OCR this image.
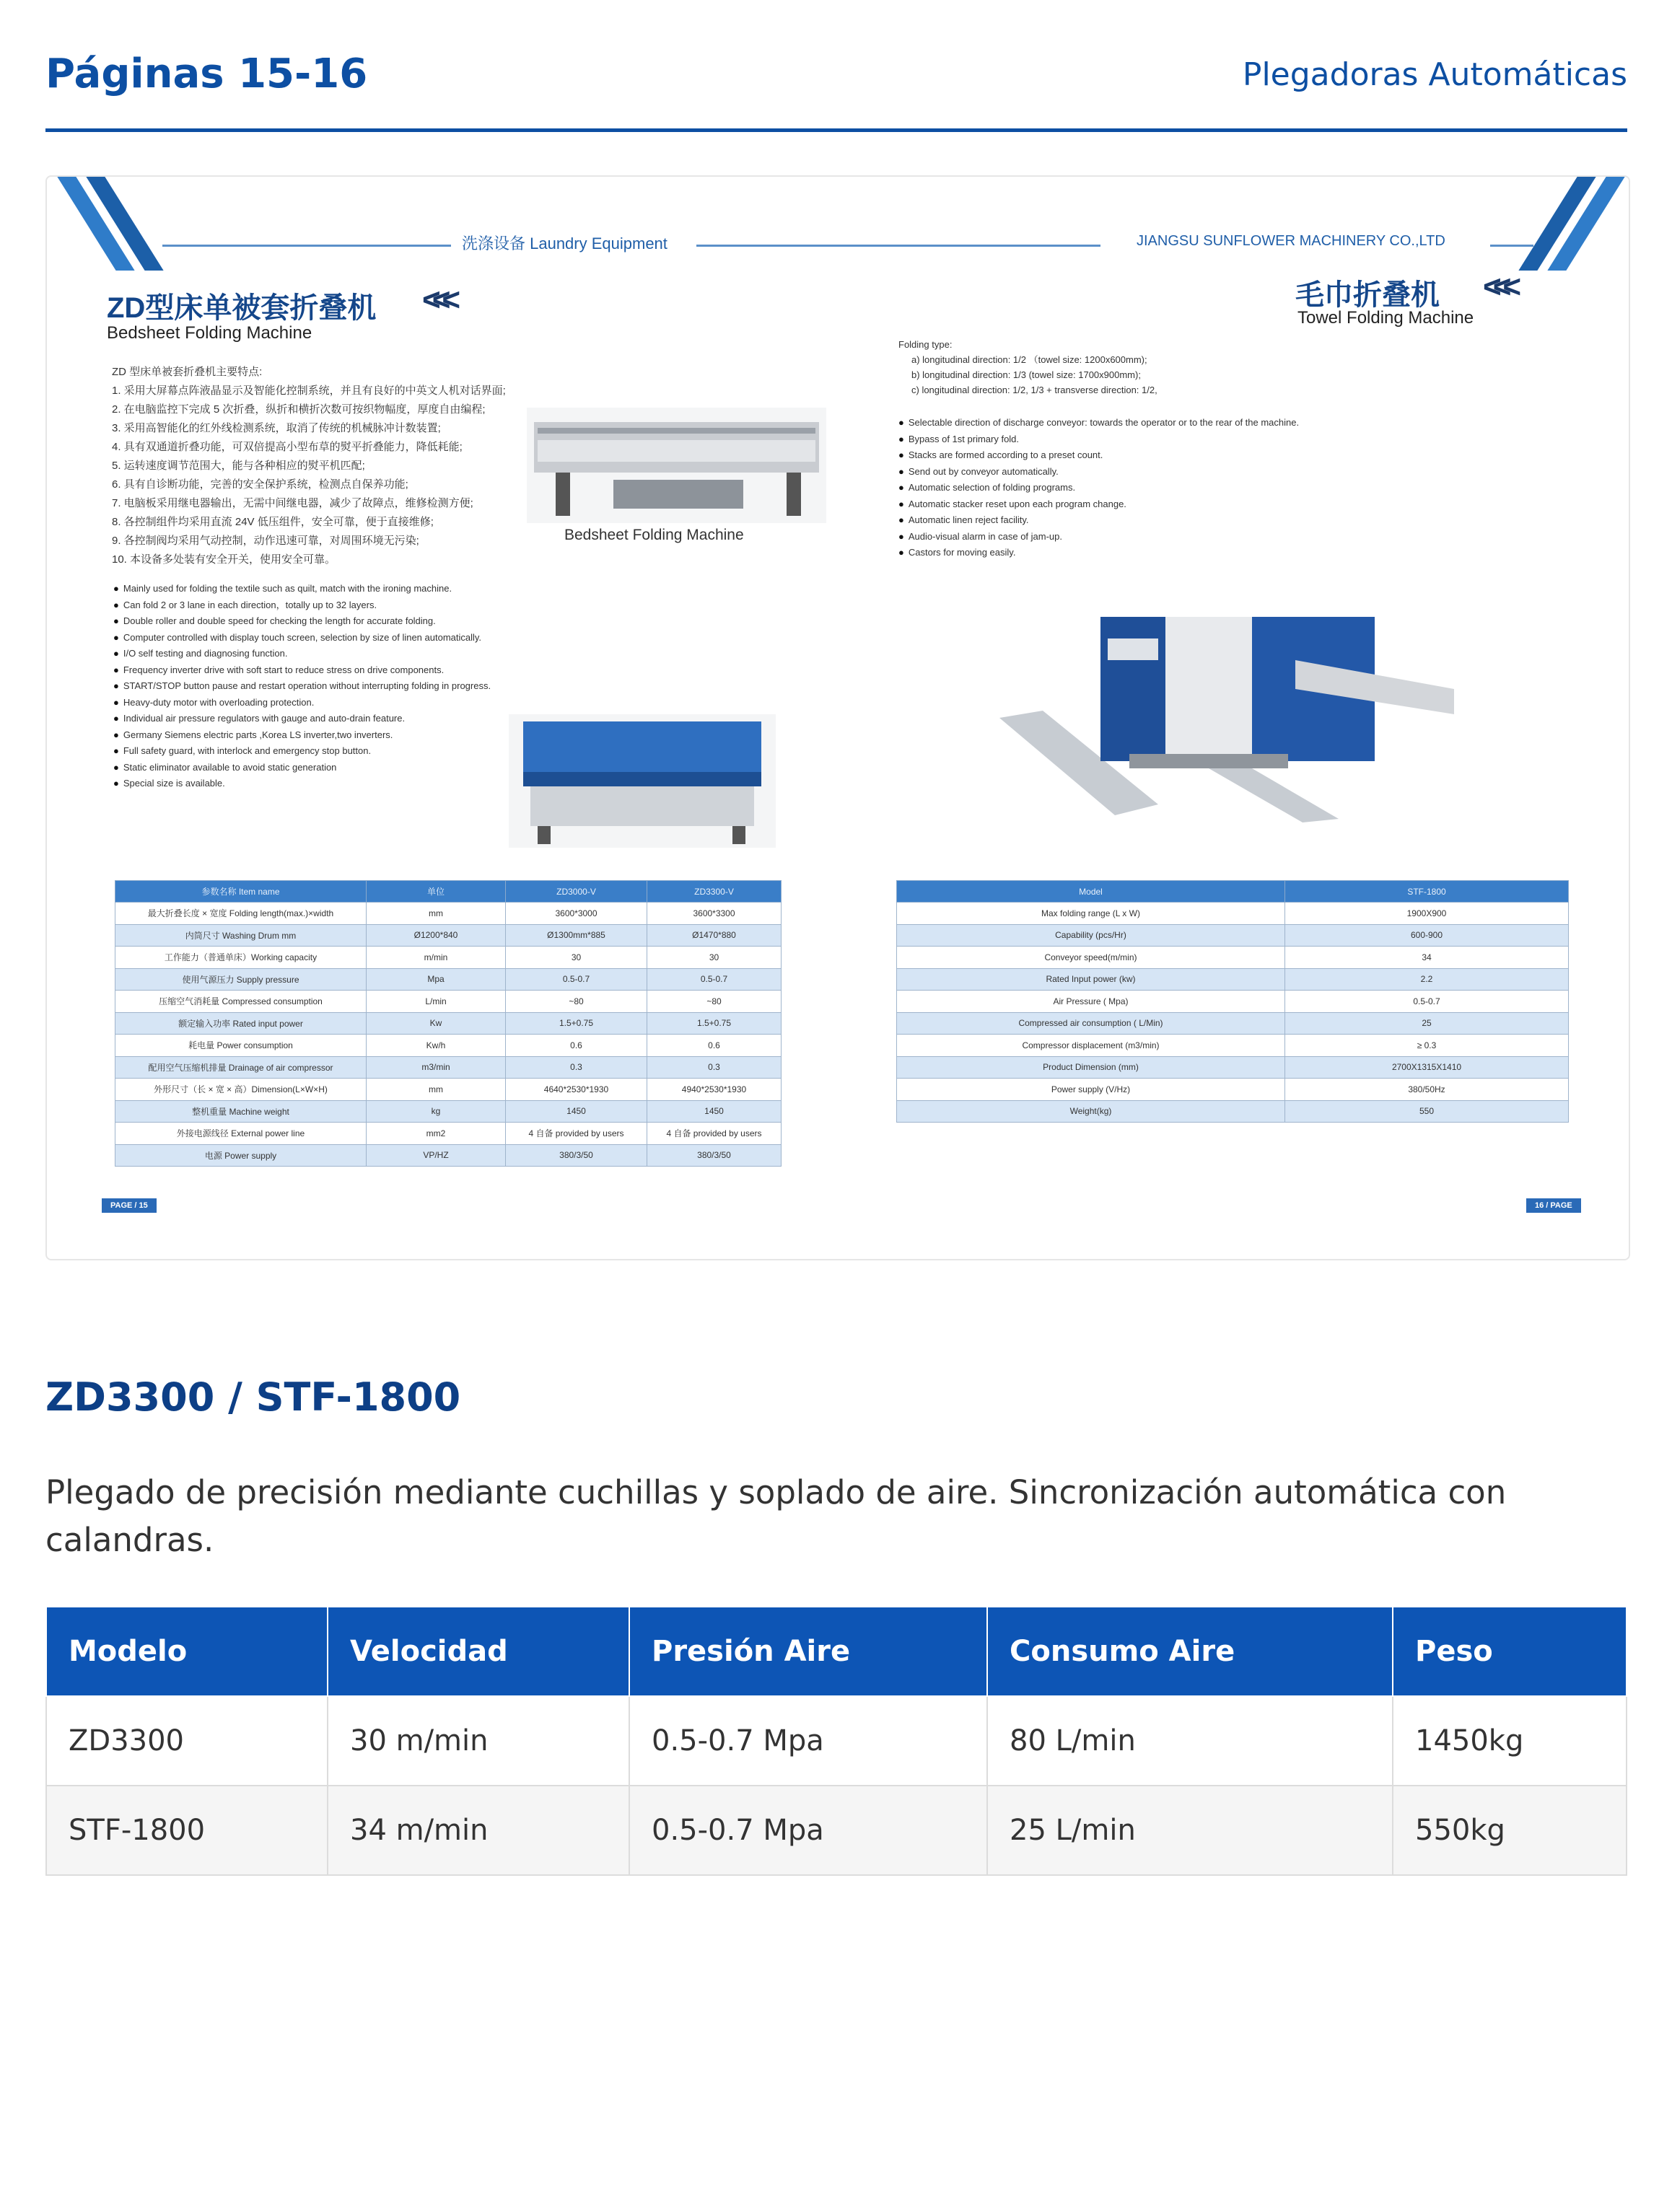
Páginas 15-16	Plegadoras Automáticas
洗涤设备 Laundry Equipment	JIANGSU SUNFLOWER MACHINERY CO.,LTD
ZD型床单被套折叠机 <<<
Bedsheet Folding Machine
ZD 型床单被套折叠机主要特点:
1. 采用大屏幕点阵液晶显示及智能化控制系统，并且有良好的中英文人机对话界面;
2. 在电脑监控下完成 5 次折叠，纵折和横折次数可按织物幅度，厚度自由编程;
3. 采用高智能化的红外线检测系统，取消了传统的机械脉冲计数装置;
4. 具有双通道折叠功能，可双倍提高小型布草的熨平折叠能力，降低耗能;
5. 运转速度调节范围大，能与各种相应的熨平机匹配;
6. 具有自诊断功能，完善的安全保护系统，检测点自保养功能;
7. 电脑板采用继电器输出，无需中间继电器，减少了故障点，维修检测方便;
8. 各控制组件均采用直流 24V 低压组件，安全可靠，便于直接维修;
9. 各控制阀均采用气动控制，动作迅速可靠，对周围环境无污染;
10. 本设备多处装有安全开关，使用安全可靠。
Bedsheet Folding Machine
● Mainly used for folding the textile such as quilt, match with the ironing machine.
● Can fold 2 or 3 lane in each direction，totally up to 32 layers.
● Double roller and double speed for checking the length for accurate folding.
● Computer controlled with display touch screen, selection by size of linen automatically.
● I/O self testing and diagnosing function.
● Frequency inverter drive with soft start to reduce stress on drive components.
● START/STOP button pause and restart operation without interrupting folding in progress.
● Heavy-duty motor with overloading protection.
● Individual air pressure regulators with gauge and auto-drain feature.
● Germany Siemens electric parts ,Korea LS inverter,two inverters.
● Full safety guard, with interlock and emergency stop button.
● Static eliminator available to avoid static generation
● Special size is available.
毛巾折叠机 <<<
Towel Folding Machine
Folding type:
a) longitudinal direction: 1/2 （towel size: 1200x600mm);
b) longitudinal direction: 1/3 (towel size: 1700x900mm);
c) longitudinal direction: 1/2, 1/3 + transverse direction: 1/2,
● Selectable direction of discharge conveyor: towards the operator or to the rear of the machine.
● Bypass of 1st primary fold.
● Stacks are formed according to a preset count.
● Send out by conveyor automatically.
● Automatic selection of folding programs.
● Automatic stacker reset upon each program change.
● Automatic linen reject facility.
● Audio-visual alarm in case of jam-up.
● Castors for moving easily.
参数名称 Item name	单位	ZD3000-V	ZD3300-V
最大折叠长度 × 宽度 Folding length(max.)×width	mm	3600*3000	3600*3300
内筒尺寸 Washing Drum mm	Ø1200*840	Ø1300mm*885	Ø1470*880
工作能力（普通单床）Working capacity	m/min	30	30
使用气源压力 Supply pressure	Mpa	0.5-0.7	0.5-0.7
压缩空气消耗量 Compressed consumption	L/min	~80	~80
额定输入功率 Rated input power	Kw	1.5+0.75	1.5+0.75
耗电量 Power consumption	Kw/h	0.6	0.6
配用空气压缩机排量 Drainage of air compressor	m3/min	0.3	0.3
外形尺寸（长 × 宽 × 高）Dimension(L×W×H)	mm	4640*2530*1930	4940*2530*1930
整机重量 Machine weight	kg	1450	1450
外接电源线径 External power line	mm2	4 自备 provided by users	4 自备 provided by users
电源 Power supply	VP/HZ	380/3/50	380/3/50
Model	STF-1800
Max folding range (L x W)	1900X900
Capability (pcs/Hr)	600-900
Conveyor speed(m/min)	34
Rated Input power (kw)	2.2
Air Pressure ( Mpa)	0.5-0.7
Compressed air consumption ( L/Min)	25
Compressor displacement (m3/min)	≥ 0.3
Product Dimension (mm)	2700X1315X1410
Power supply (V/Hz)	380/50Hz
Weight(kg)	550
PAGE / 15	16 / PAGE
ZD3300 / STF-1800
Plegado de precisión mediante cuchillas y soplado de aire. Sincronización automática con calandras.
Modelo	Velocidad	Presión Aire	Consumo Aire	Peso
ZD3300	30 m/min	0.5-0.7 Mpa	80 L/min	1450kg
STF-1800	34 m/min	0.5-0.7 Mpa	25 L/min	550kg
